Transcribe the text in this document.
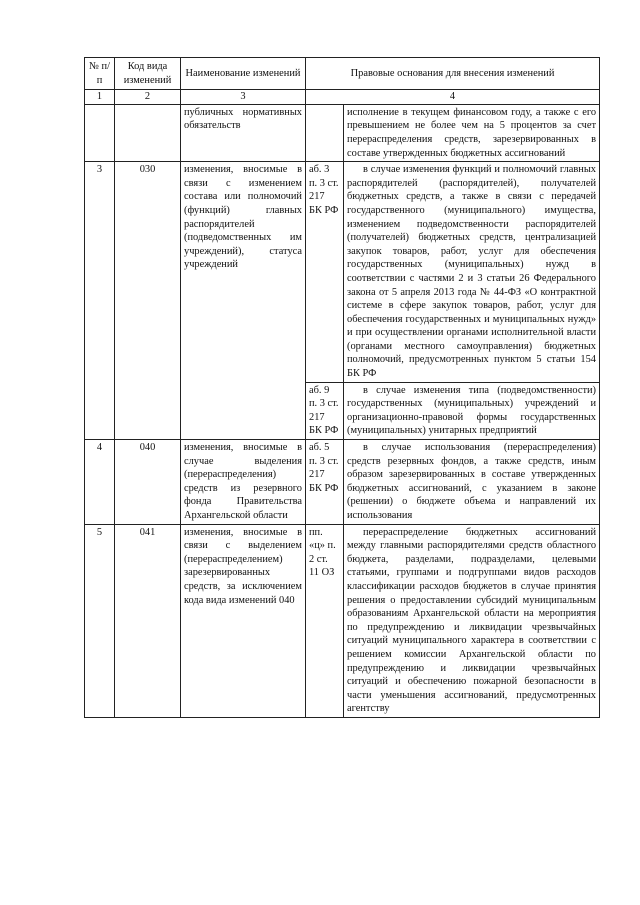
№ п/п	Код вида изменений	Наименование изменений	Правовые основания для внесения изменений	
1	2	3	4	
		публичных нормативных обязательств		исполнение в текущем финансовом году, а также с его превышением не более чем на 5 процентов за счет перераспределения средств, зарезервированных в составе утвержденных бюджетных ассигнований
3	030	изменения, вносимые в связи с изменением состава или полномочий (функций) главных распорядителей (подведомственных им учреждений), статуса учреждений	аб. 3 п. 3 ст. 217 БК РФ	в случае изменения функций и полномочий главных распорядителей (распорядителей), получателей бюджетных средств, а также в связи с передачей государственного (муниципального) имущества, изменением подведомственности распорядителей (получателей) бюджетных средств, централизацией закупок товаров, работ, услуг для обеспечения государственных (муниципальных) нужд в соответствии с частями 2 и 3 статьи 26 Федерального закона от 5 апреля 2013 года № 44-ФЗ «О контрактной системе в сфере закупок товаров, работ, услуг для обеспечения государственных и муниципальных нужд» и при осуществлении органами исполнительной власти (органами местного самоуправления) бюджетных полномочий, предусмотренных пунктом 5 статьи 154 БК РФ
			аб. 9 п. 3 ст. 217 БК РФ	в случае изменения типа (подведомственности) государственных (муниципальных) учреждений и организационно-правовой формы государственных (муниципальных) унитарных предприятий
4	040	изменения, вносимые в случае выделения (перераспределения) средств из резервного фонда Правительства Архангельской области	аб. 5 п. 3 ст. 217 БК РФ	в случае использования (перераспределения) средств резервных фондов, а также средств, иным образом зарезервированных в составе утвержденных бюджетных ассигнований, с указанием в законе (решении) о бюджете объема и направлений их использования
5	041	изменения, вносимые в связи с выделением (перераспределением) зарезервированных средств, за исключением кода вида изменений 040	пп. «ц» п. 2 ст. 11 ОЗ	перераспределение бюджетных ассигнований между главными распорядителями средств областного бюджета, разделами, подразделами, целевыми статьями, группами и подгруппами видов расходов классификации расходов бюджетов в случае принятия решения о предоставлении субсидий муниципальным образованиям Архангельской области на мероприятия по предупреждению и ликвидации чрезвычайных ситуаций муниципального характера в соответствии с решением комиссии Архангельской области по предупреждению и ликвидации чрезвычайных ситуаций и обеспечению пожарной безопасности в части уменьшения ассигнований, предусмотренных агентству
